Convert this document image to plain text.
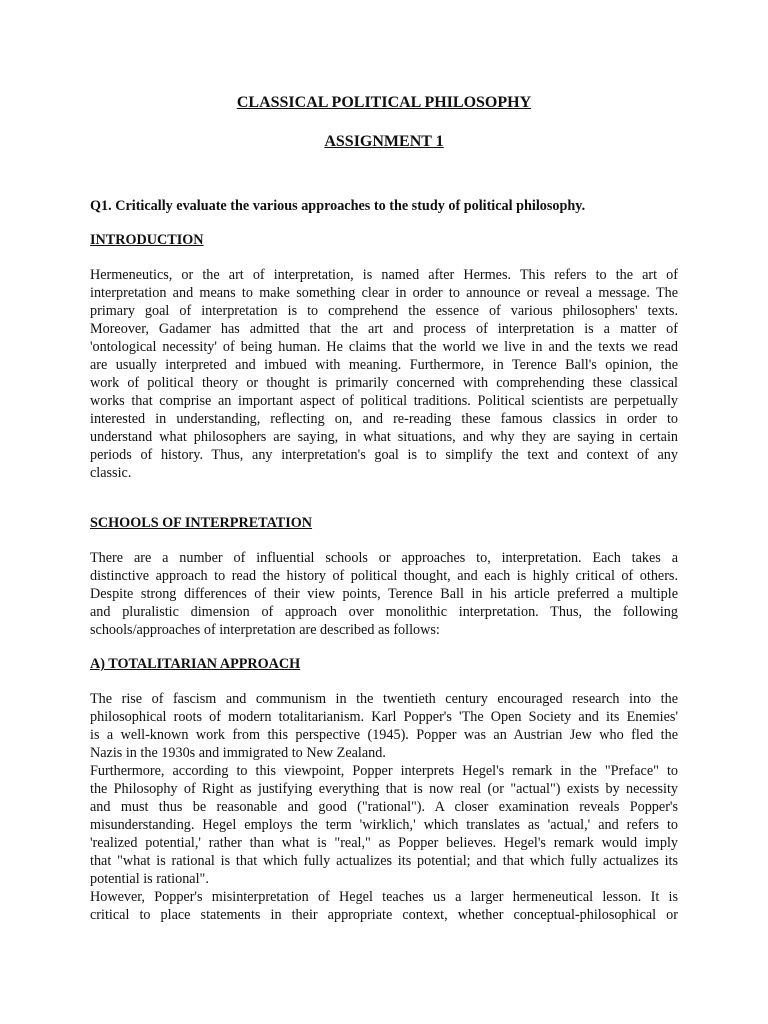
CLASSICAL POLITICAL PHILOSOPHY
ASSIGNMENT 1
Q1. Critically evaluate the various approaches to the study of political philosophy.
INTRODUCTION
Hermeneutics, or the art of interpretation, is named after Hermes. This refers to the art of
interpretation and means to make something clear in order to announce or reveal a message. The
primary goal of interpretation is to comprehend the essence of various philosophers' texts.
Moreover, Gadamer has admitted that the art and process of interpretation is a matter of
'ontological necessity' of being human. He claims that the world we live in and the texts we read
are usually interpreted and imbued with meaning. Furthermore, in Terence Ball's opinion, the
work of political theory or thought is primarily concerned with comprehending these classical
works that comprise an important aspect of political traditions. Political scientists are perpetually
interested in understanding, reflecting on, and re-reading these famous classics in order to
understand what philosophers are saying, in what situations, and why they are saying in certain
periods of history. Thus, any interpretation's goal is to simplify the text and context of any
classic.
SCHOOLS OF INTERPRETATION
There are a number of influential schools or approaches to, interpretation. Each takes a
distinctive approach to read the history of political thought, and each is highly critical of others.
Despite strong differences of their view points, Terence Ball in his article preferred a multiple
and pluralistic dimension of approach over monolithic interpretation. Thus, the following
schools/approaches of interpretation are described as follows:
A) TOTALITARIAN APPROACH
The rise of fascism and communism in the twentieth century encouraged research into the
philosophical roots of modern totalitarianism. Karl Popper's 'The Open Society and its Enemies'
is a well-known work from this perspective (1945). Popper was an Austrian Jew who fled the
Nazis in the 1930s and immigrated to New Zealand.
Furthermore, according to this viewpoint, Popper interprets Hegel's remark in the "Preface" to
the Philosophy of Right as justifying everything that is now real (or "actual") exists by necessity
and must thus be reasonable and good ("rational"). A closer examination reveals Popper's
misunderstanding. Hegel employs the term 'wirklich,' which translates as 'actual,' and refers to
'realized potential,' rather than what is "real," as Popper believes. Hegel's remark would imply
that "what is rational is that which fully actualizes its potential; and that which fully actualizes its
potential is rational".
However, Popper's misinterpretation of Hegel teaches us a larger hermeneutical lesson. It is
critical to place statements in their appropriate context, whether conceptual-philosophical or
